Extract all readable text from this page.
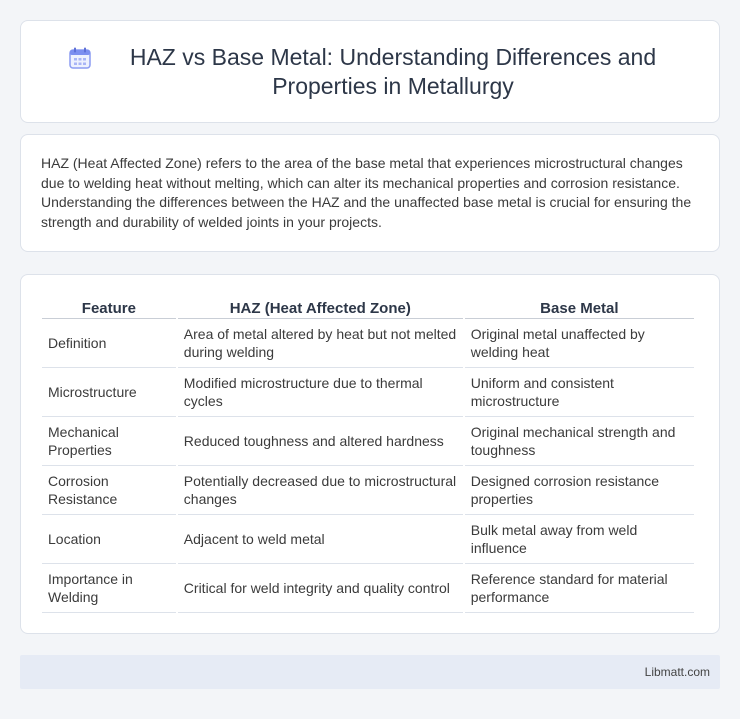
HAZ vs Base Metal: Understanding Differences and Properties in Metallurgy

HAZ (Heat Affected Zone) refers to the area of the base metal that experiences microstructural changes due to welding heat without melting, which can alter its mechanical properties and corrosion resistance. Understanding the differences between the HAZ and the unaffected base metal is crucial for ensuring the strength and durability of welded joints in your projects.

Feature	HAZ (Heat Affected Zone)	Base Metal
Definition	Area of metal altered by heat but not melted during welding	Original metal unaffected by welding heat
Microstructure	Modified microstructure due to thermal cycles	Uniform and consistent microstructure
Mechanical Properties	Reduced toughness and altered hardness	Original mechanical strength and toughness
Corrosion Resistance	Potentially decreased due to microstructural changes	Designed corrosion resistance properties
Location	Adjacent to weld metal	Bulk metal away from weld influence
Importance in Welding	Critical for weld integrity and quality control	Reference standard for material performance
Libmatt.com
